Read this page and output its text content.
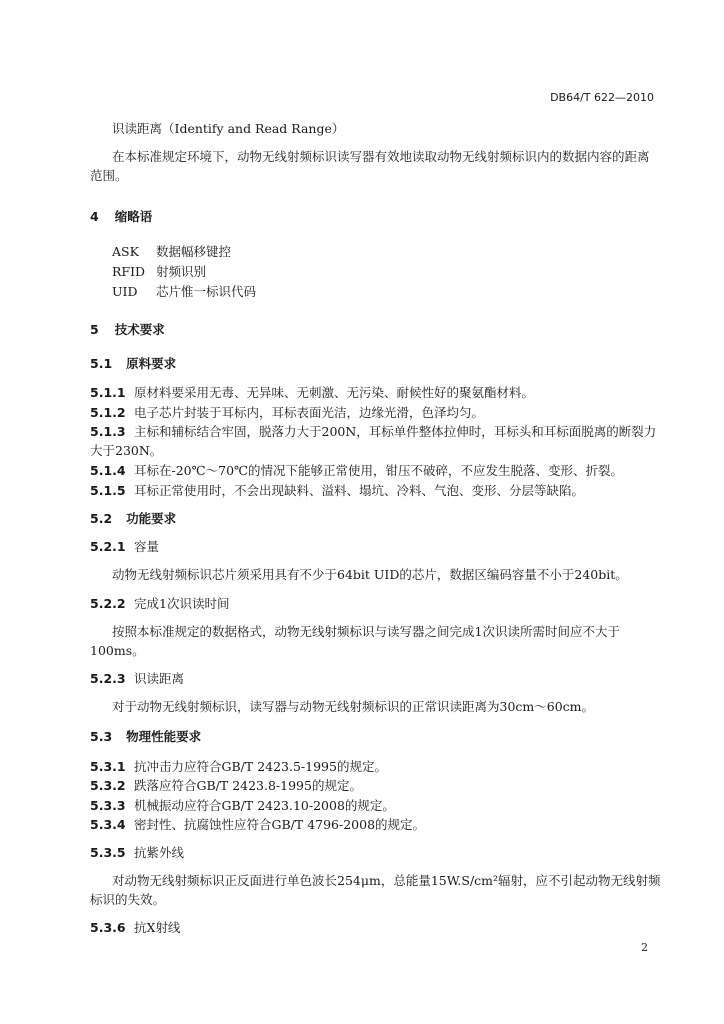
DB64/T 622—2010
识读距离（Identify and Read Range）
在本标准规定环境下，动物无线射频标识读写器有效地读取动物无线射频标识内的数据内容的距离
范围。
4 缩略语
ASK 数据幅移键控
RFID 射频识别
UID 芯片惟一标识代码
5 技术要求
5.1 原料要求
5.1.1 原材料要采用无毒、无异味、无刺激、无污染、耐候性好的聚氨酯材料。
5.1.2 电子芯片封装于耳标内，耳标表面光洁，边缘光滑，色泽均匀。
5.1.3 主标和辅标结合牢固，脱落力大于200N，耳标单件整体拉伸时，耳标头和耳标面脱离的断裂力
大于230N。
5.1.4 耳标在-20℃～70℃的情况下能够正常使用，钳压不破碎，不应发生脱落、变形、折裂。
5.1.5 耳标正常使用时，不会出现缺料、溢料、塌坑、冷料、气泡、变形、分层等缺陷。
5.2 功能要求
5.2.1 容量
动物无线射频标识芯片须采用具有不少于64bit UID的芯片，数据区编码容量不小于240bit。
5.2.2 完成1次识读时间
按照本标准规定的数据格式，动物无线射频标识与读写器之间完成1次识读所需时间应不大于
100ms。
5.2.3 识读距离
对于动物无线射频标识，读写器与动物无线射频标识的正常识读距离为30cm～60cm。
5.3 物理性能要求
5.3.1 抗冲击力应符合GB/T 2423.5-1995的规定。
5.3.2 跌落应符合GB/T 2423.8-1995的规定。
5.3.3 机械振动应符合GB/T 2423.10-2008的规定。
5.3.4 密封性、抗腐蚀性应符合GB/T 4796-2008的规定。
5.3.5 抗紫外线
对动物无线射频标识正反面进行单色波长254μm，总能量15W.S/cm²辐射，应不引起动物无线射频
标识的失效。
5.3.6 抗X射线
2
